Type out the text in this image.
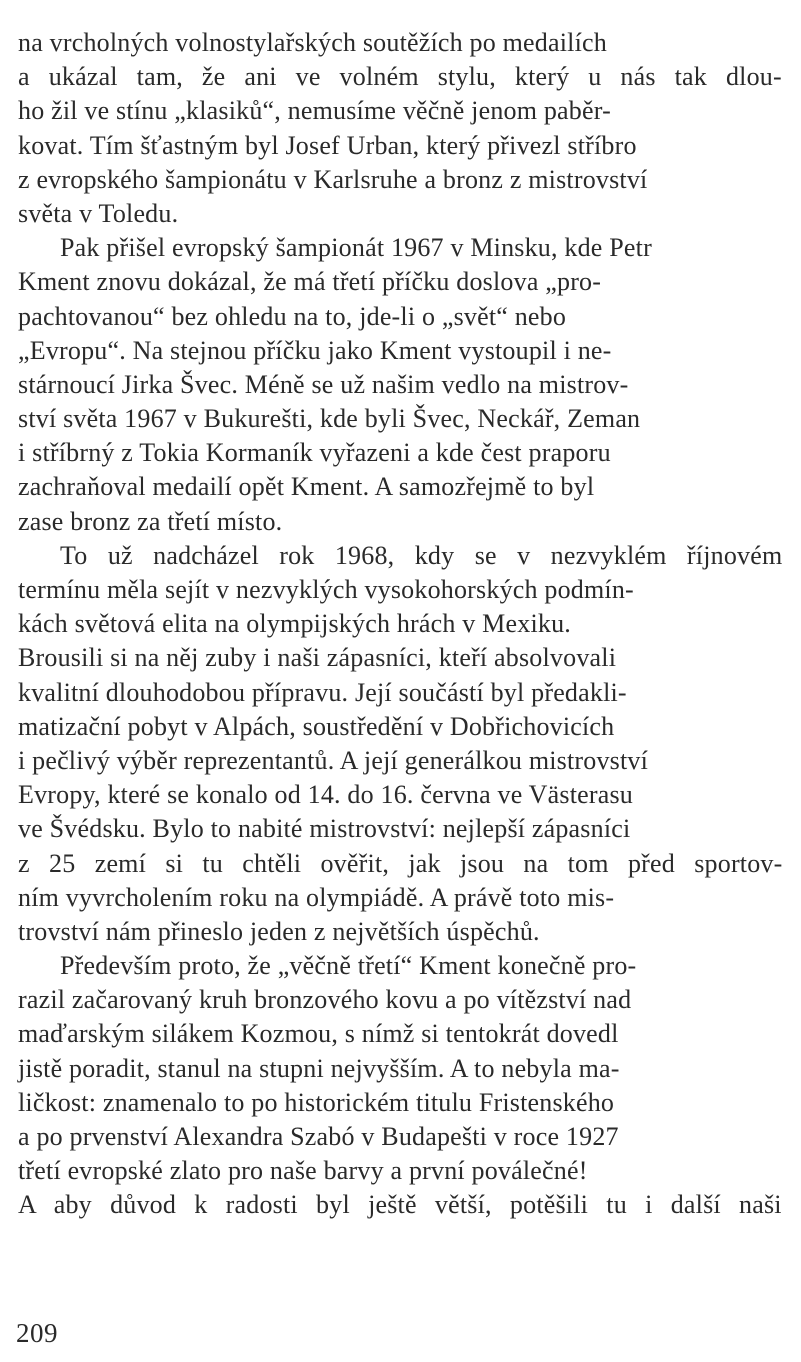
na vrcholných volnostylařských soutěžích po medailích
a ukázal tam, že ani ve volném stylu, který u nás tak dlou-
ho žil ve stínu „klasiků“, nemusíme věčně jenom paběr-
kovat. Tím šťastným byl Josef Urban, který přivezl stříbro
z evropského šampionátu v Karlsruhe a bronz z mistrovství
světa v Toledu.
Pak přišel evropský šampionát 1967 v Minsku, kde Petr
Kment znovu dokázal, že má třetí příčku doslova „pro-
pachtovanou“ bez ohledu na to, jde-li o „svět“ nebo
„Evropu“. Na stejnou příčku jako Kment vystoupil i ne-
stárnoucí Jirka Švec. Méně se už našim vedlo na mistrov-
ství světa 1967 v Bukurešti, kde byli Švec, Neckář, Zeman
i stříbrný z Tokia Kormaník vyřazeni a kde čest praporu
zachraňoval medailí opět Kment. A samozřejmě to byl
zase bronz za třetí místo.
To už nadcházel rok 1968, kdy se v nezvyklém říjnovém
termínu měla sejít v nezvyklých vysokohorských podmín-
kách světová elita na olympijských hrách v Mexiku.
Brousili si na něj zuby i naši zápasníci, kteří absolvovali
kvalitní dlouhodobou přípravu. Její součástí byl předakli-
matizační pobyt v Alpách, soustředění v Dobřichovicích
i pečlivý výběr reprezentantů. A její generálkou mistrovství
Evropy, které se konalo od 14. do 16. června ve Västerasu
ve Švédsku. Bylo to nabité mistrovství: nejlepší zápasníci
z 25 zemí si tu chtěli ověřit, jak jsou na tom před sportov-
ním vyvrcholením roku na olympiádě. A právě toto mis-
trovství nám přineslo jeden z největších úspěchů.
Především proto, že „věčně třetí“ Kment konečně pro-
razil začarovaný kruh bronzového kovu a po vítězství nad
maďarským silákem Kozmou, s nímž si tentokrát dovedl
jistě poradit, stanul na stupni nejvyšším. A to nebyla ma-
ličkost: znamenalo to po historickém titulu Fristenského
a po prvenství Alexandra Szabó v Budapešti v roce 1927
třetí evropské zlato pro naše barvy a první poválečné!
A aby důvod k radosti byl ještě větší, potěšili tu i další naši
209
